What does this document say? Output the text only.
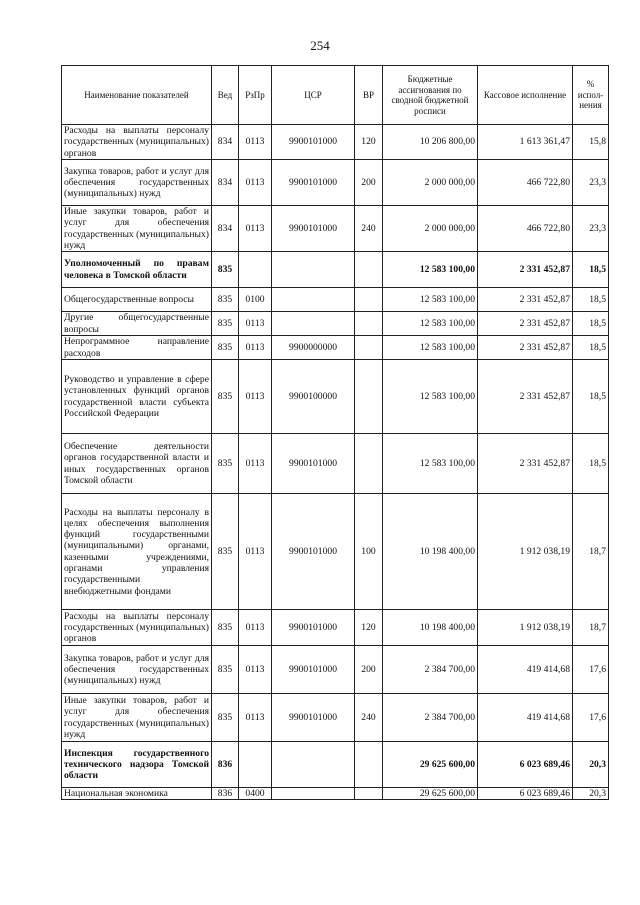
254
Наименование показателей	Вед	РзПр	ЦСР	ВР	Бюджетные ассигнования по сводной бюджетной росписи	Кассовое исполнение	% испол-нения
Расходы на выплаты персоналу государственных (муниципальных) органов	834	0113	9900101000	120	10 206 800,00	1 613 361,47	15,8
Закупка товаров, работ и услуг для обеспечения государственных (муниципальных) нужд	834	0113	9900101000	200	2 000 000,00	466 722,80	23,3
Иные закупки товаров, работ и услуг для обеспечения государственных (муниципальных) нужд	834	0113	9900101000	240	2 000 000,00	466 722,80	23,3
Уполномоченный по правам человека в Томской области	835				12 583 100,00	2 331 452,87	18,5
Общегосударственные вопросы	835	0100			12 583 100,00	2 331 452,87	18,5
Другие общегосударственные вопросы	835	0113			12 583 100,00	2 331 452,87	18,5
Непрограммное направление расходов	835	0113	9900000000		12 583 100,00	2 331 452,87	18,5
Руководство и управление в сфере установленных функций органов государственной власти субъекта Российской Федерации	835	0113	9900100000		12 583 100,00	2 331 452,87	18,5
Обеспечение деятельности органов государственной власти и иных государственных органов Томской области	835	0113	9900101000		12 583 100,00	2 331 452,87	18,5
Расходы на выплаты персоналу в целях обеспечения выполнения функций государственными (муниципальными) органами, казенными учреждениями, органами управления государственными внебюджетными фондами	835	0113	9900101000	100	10 198 400,00	1 912 038,19	18,7
Расходы на выплаты персоналу государственных (муниципальных) органов	835	0113	9900101000	120	10 198 400,00	1 912 038,19	18,7
Закупка товаров, работ и услуг для обеспечения государственных (муниципальных) нужд	835	0113	9900101000	200	2 384 700,00	419 414,68	17,6
Иные закупки товаров, работ и услуг для обеспечения государственных (муниципальных) нужд	835	0113	9900101000	240	2 384 700,00	419 414,68	17,6
Инспекция государственного технического надзора Томской области	836				29 625 600,00	6 023 689,46	20,3
Национальная экономика	836	0400			29 625 600,00	6 023 689,46	20,3
